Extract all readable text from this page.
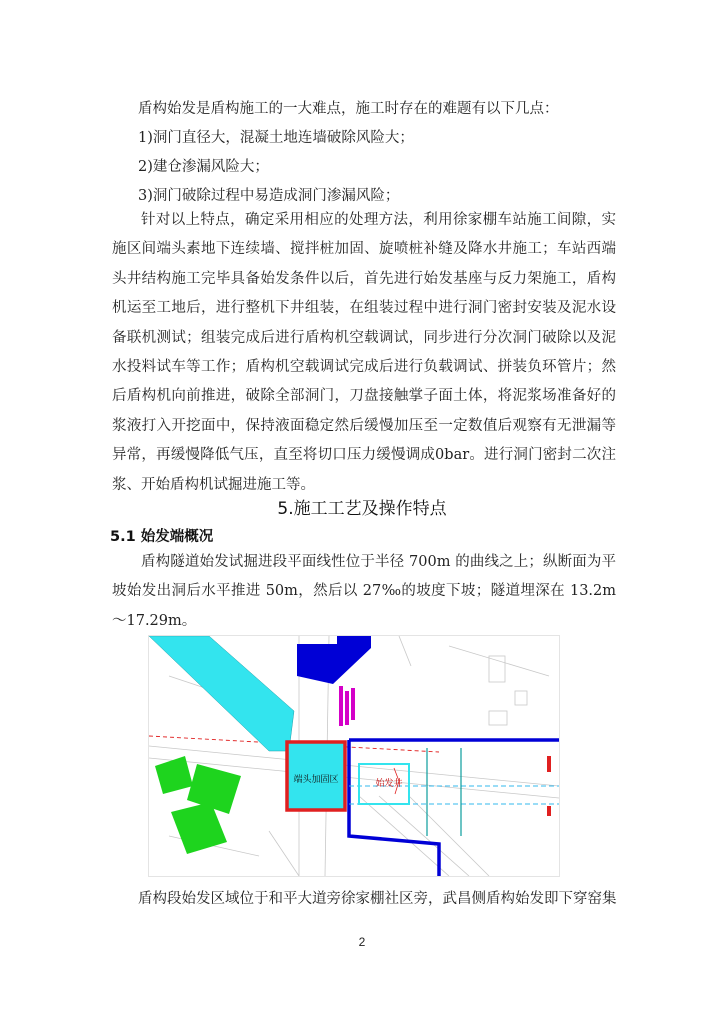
盾构始发是盾构施工的一大难点，施工时存在的难题有以下几点：
1)洞门直径大，混凝土地连墙破除风险大；
2)建仓渗漏风险大；
3)洞门破除过程中易造成洞门渗漏风险；
针对以上特点，确定采用相应的处理方法，利用徐家棚车站施工间隙，实施区间端头素地下连续墙、搅拌桩加固、旋喷桩补缝及降水井施工；车站西端头井结构施工完毕具备始发条件以后，首先进行始发基座与反力架施工，盾构机运至工地后，进行整机下井组装，在组装过程中进行洞门密封安装及泥水设备联机测试；组装完成后进行盾构机空载调试，同步进行分次洞门破除以及泥水投料试车等工作；盾构机空载调试完成后进行负载调试、拼装负环管片；然后盾构机向前推进，破除全部洞门，刀盘接触掌子面土体，将泥浆场准备好的浆液打入开挖面中，保持液面稳定然后缓慢加压至一定数值后观察有无泄漏等异常，再缓慢降低气压，直至将切口压力缓慢调成0bar。进行洞门密封二次注浆、开始盾构机试掘进施工等。
5.施工工艺及操作特点
5.1 始发端概况
盾构隧道始发试掘进段平面线性位于半径 700m 的曲线之上；纵断面为平坡始发出洞后水平推进 50m，然后以 27‰的坡度下坡；隧道埋深在 13.2m～17.29m。
始发井
端头加固区
盾构段始发区域位于和平大道旁徐家棚社区旁，武昌侧盾构始发即下穿窑集
2
